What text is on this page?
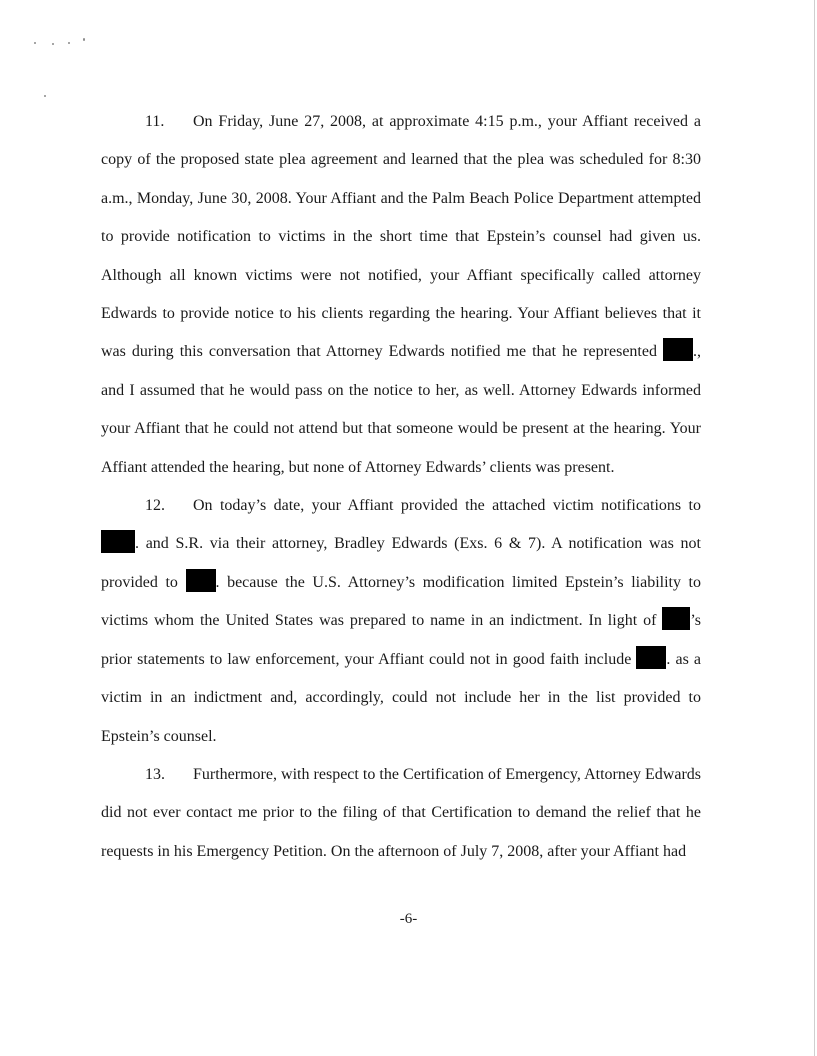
11. On Friday, June 27, 2008, at approximate 4:15 p.m., your Affiant received a copy of the proposed state plea agreement and learned that the plea was scheduled for 8:30 a.m., Monday, June 30, 2008. Your Affiant and the Palm Beach Police Department attempted to provide notification to victims in the short time that Epstein’s counsel had given us. Although all known victims were not notified, your Affiant specifically called attorney Edwards to provide notice to his clients regarding the hearing. Your Affiant believes that it was during this conversation that Attorney Edwards notified me that he represented ., and I assumed that he would pass on the notice to her, as well. Attorney Edwards informed your Affiant that he could not attend but that someone would be present at the hearing. Your Affiant attended the hearing, but none of Attorney Edwards’ clients was present.

12. On today’s date, your Affiant provided the attached victim notifications to . and S.R. via their attorney, Bradley Edwards (Exs. 6 & 7). A notification was not provided to . because the U.S. Attorney’s modification limited Epstein’s liability to victims whom the United States was prepared to name in an indictment. In light of ’s prior statements to law enforcement, your Affiant could not in good faith include . as a victim in an indictment and, accordingly, could not include her in the list provided to Epstein’s counsel.

13. Furthermore, with respect to the Certification of Emergency, Attorney Edwards did not ever contact me prior to the filing of that Certification to demand the relief that he requests in his Emergency Petition. On the afternoon of July 7, 2008, after your Affiant had

-6-
